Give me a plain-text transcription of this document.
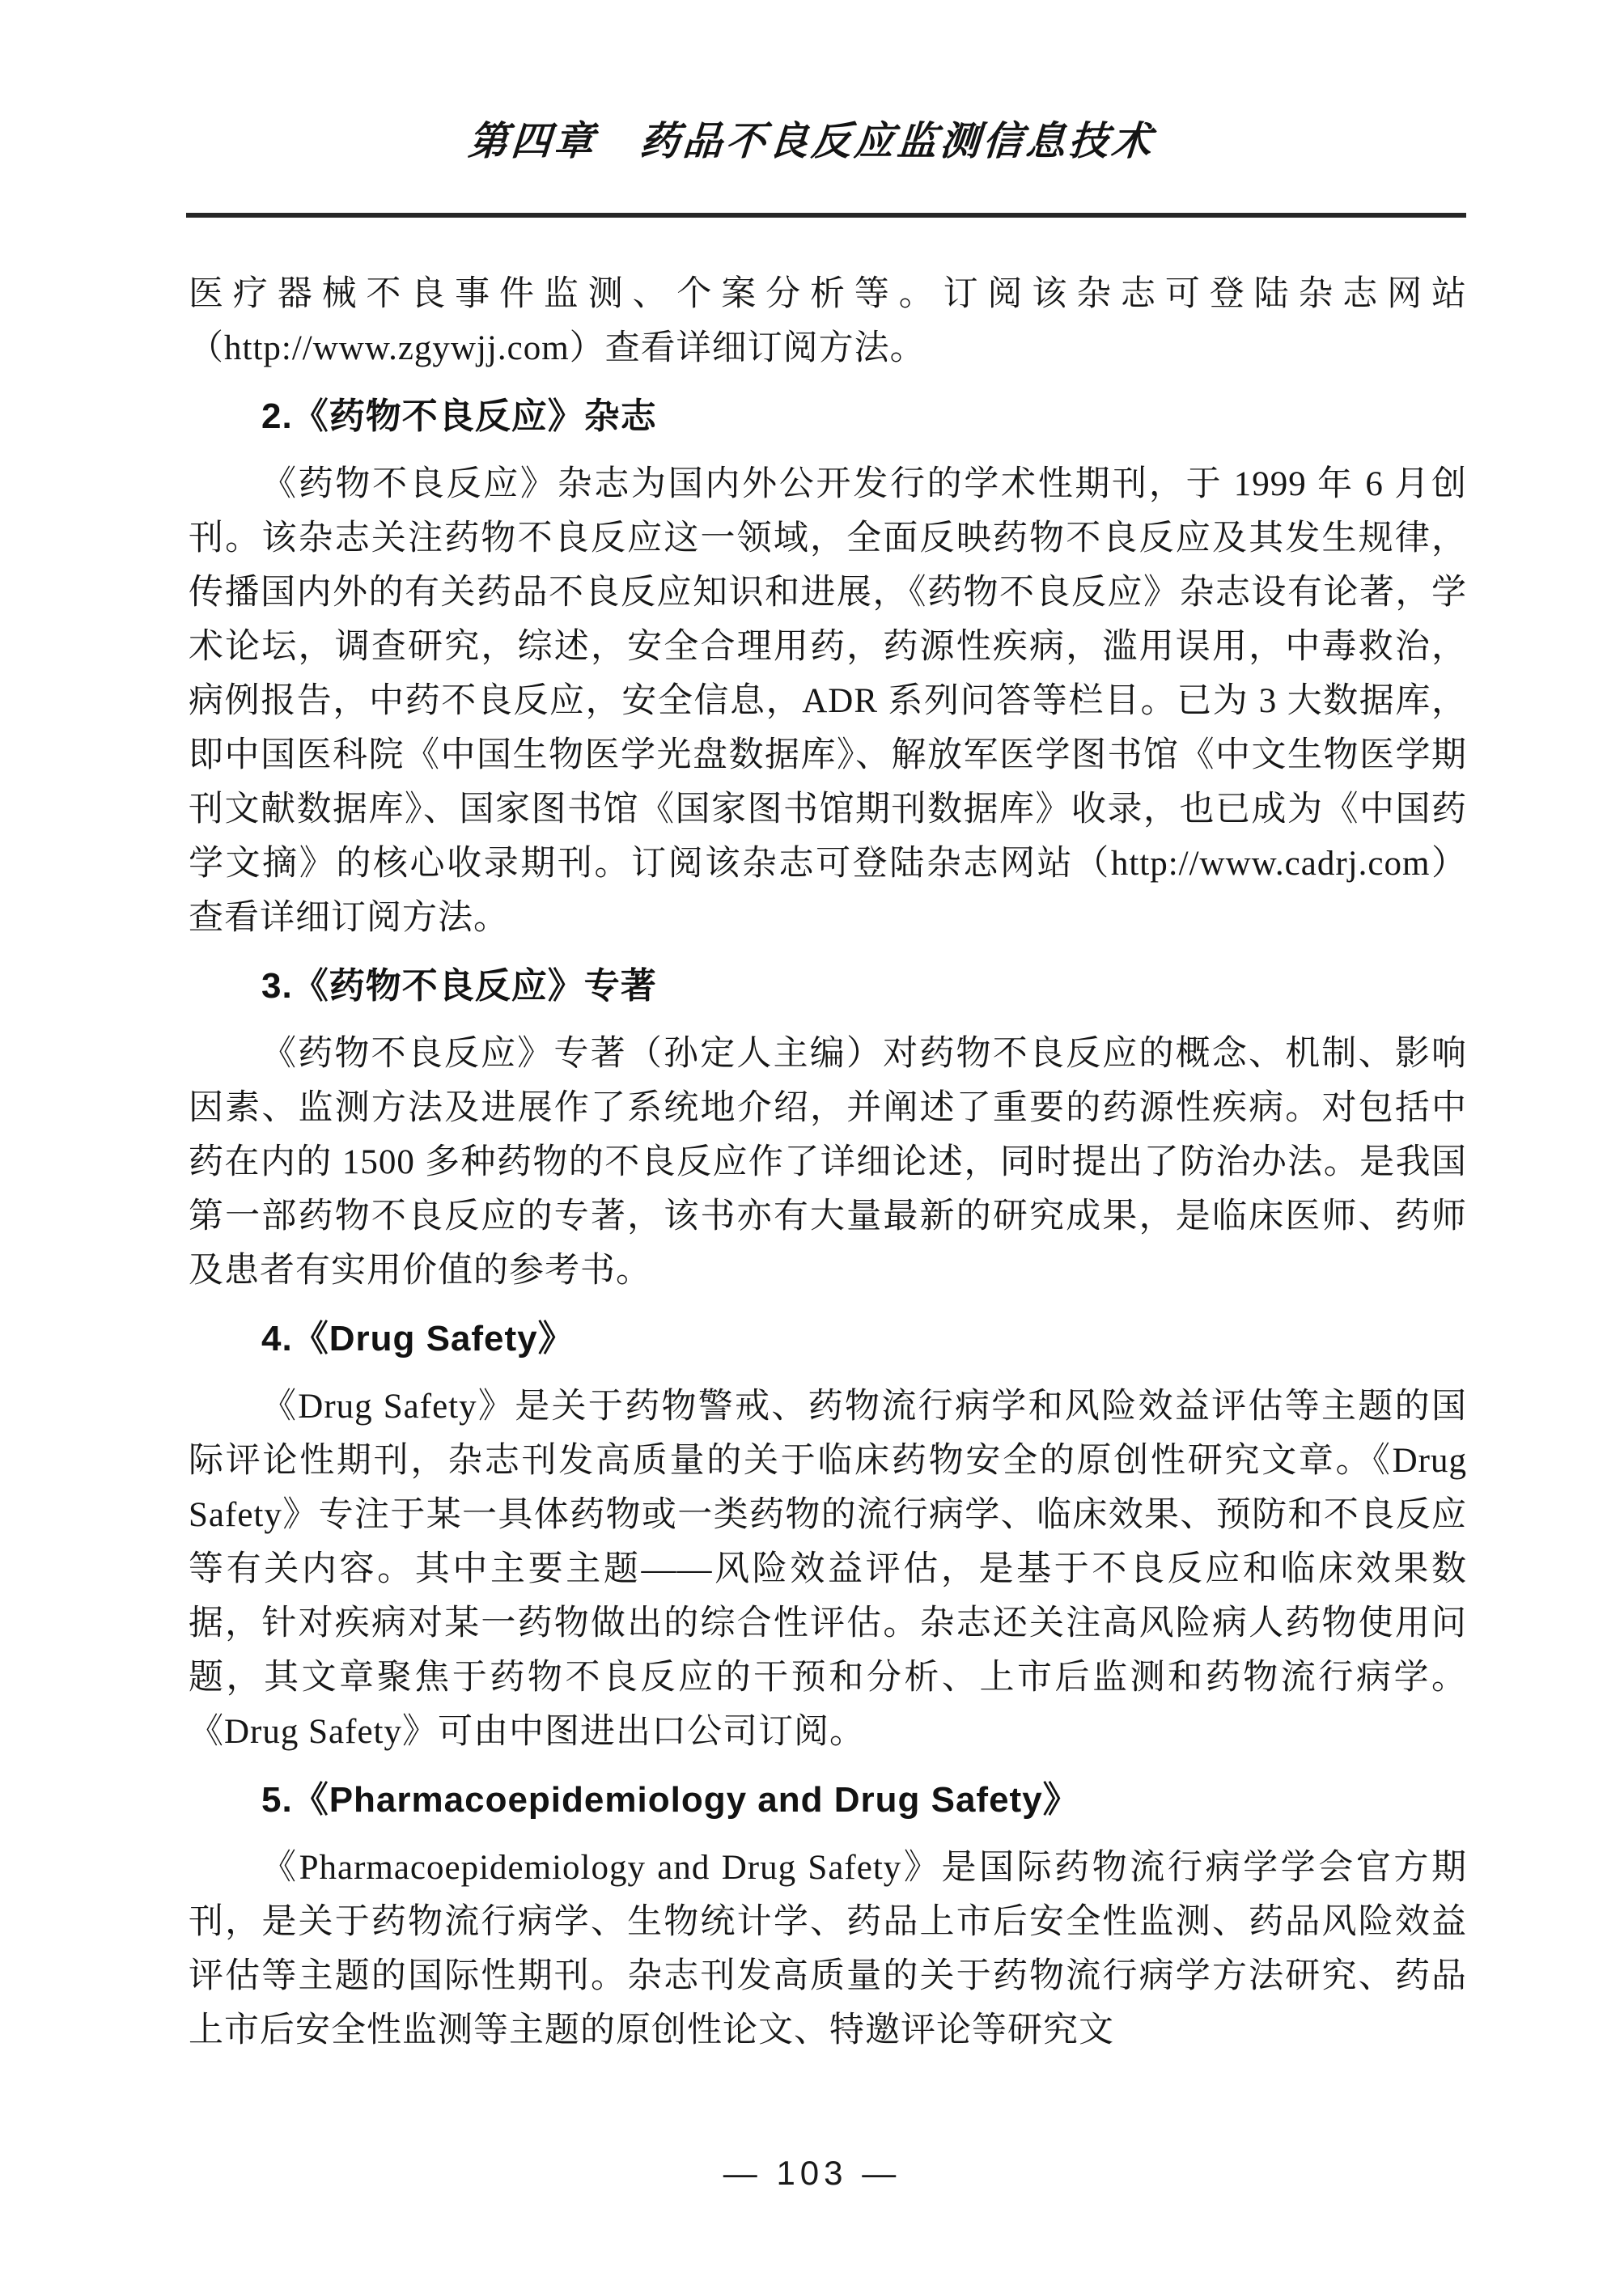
第四章　药品不良反应监测信息技术

医疗器械不良事件监测、个案分析等。订阅该杂志可登陆杂志网站（http://www.zgywjj.com）查看详细订阅方法。

2.《药物不良反应》杂志

《药物不良反应》杂志为国内外公开发行的学术性期刊，于 1999 年 6 月创刊。该杂志关注药物不良反应这一领域，全面反映药物不良反应及其发生规律，传播国内外的有关药品不良反应知识和进展，《药物不良反应》杂志设有论著，学术论坛，调查研究，综述，安全合理用药，药源性疾病，滥用误用，中毒救治，病例报告，中药不良反应，安全信息，ADR 系列问答等栏目。已为 3 大数据库，即中国医科院《中国生物医学光盘数据库》、解放军医学图书馆《中文生物医学期刊文献数据库》、国家图书馆《国家图书馆期刊数据库》收录，也已成为《中国药学文摘》的核心收录期刊。订阅该杂志可登陆杂志网站（http://www.cadrj.com）查看详细订阅方法。

3.《药物不良反应》专著

《药物不良反应》专著（孙定人主编）对药物不良反应的概念、机制、影响因素、监测方法及进展作了系统地介绍，并阐述了重要的药源性疾病。对包括中药在内的 1500 多种药物的不良反应作了详细论述，同时提出了防治办法。是我国第一部药物不良反应的专著，该书亦有大量最新的研究成果，是临床医师、药师及患者有实用价值的参考书。

4.《Drug Safety》

《Drug Safety》是关于药物警戒、药物流行病学和风险效益评估等主题的国际评论性期刊，杂志刊发高质量的关于临床药物安全的原创性研究文章。《Drug Safety》专注于某一具体药物或一类药物的流行病学、临床效果、预防和不良反应等有关内容。其中主要主题——风险效益评估，是基于不良反应和临床效果数据，针对疾病对某一药物做出的综合性评估。杂志还关注高风险病人药物使用问题，其文章聚焦于药物不良反应的干预和分析、上市后监测和药物流行病学。《Drug Safety》可由中图进出口公司订阅。

5.《Pharmacoepidemiology and Drug Safety》

《Pharmacoepidemiology and Drug Safety》是国际药物流行病学学会官方期刊，是关于药物流行病学、生物统计学、药品上市后安全性监测、药品风险效益评估等主题的国际性期刊。杂志刊发高质量的关于药物流行病学方法研究、药品上市后安全性监测等主题的原创性论文、特邀评论等研究文

— 103 —
